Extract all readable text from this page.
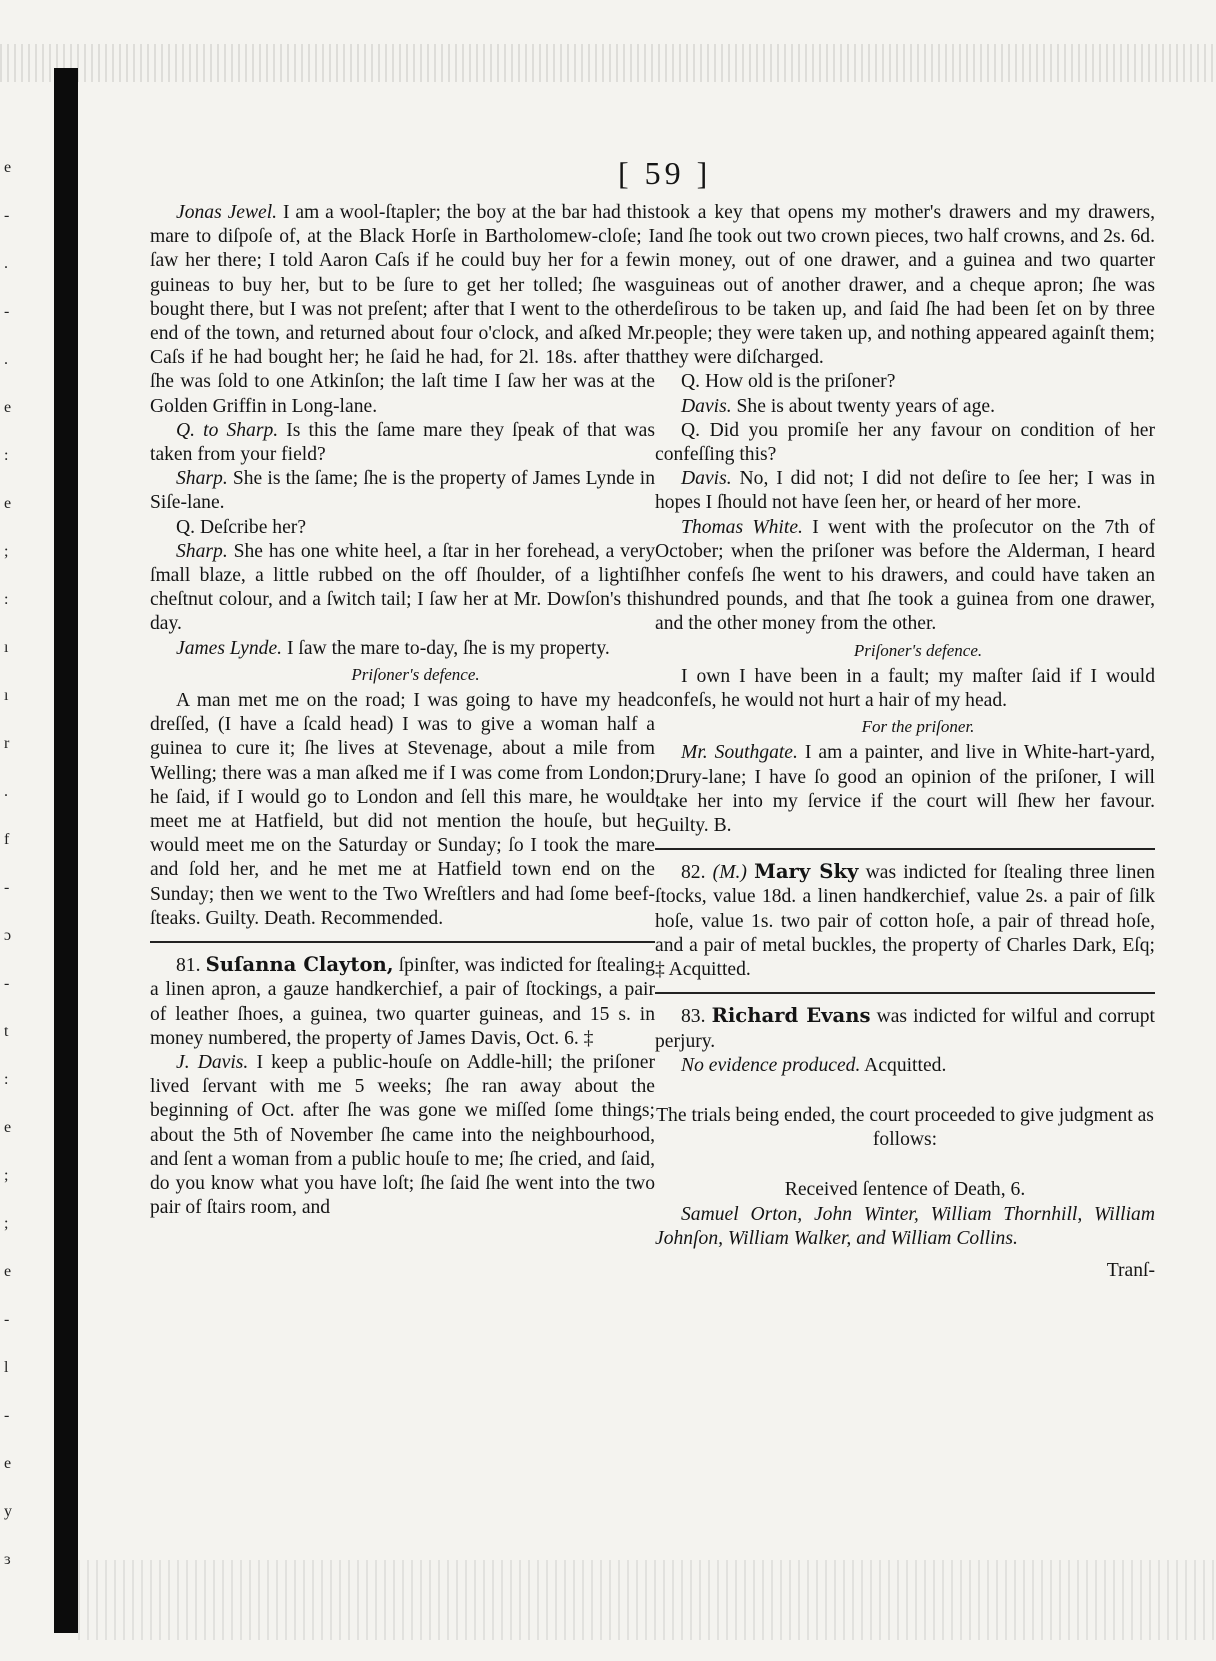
e
-
.
-
.
e
:
e
;
:
ı
ı
r
.
f
-
ɔ
-
t
:
e
;
;
e
-
l
-
e
y
ɜ
[ 59 ]

Jonas Jewel. I am a wool-ſtapler; the boy at the bar had this mare to diſpoſe of, at the Black Horſe in Bartholomew-cloſe; I ſaw her there; I told Aaron Caſs if he could buy her for a few guineas to buy her, but to be ſure to get her tolled; ſhe was bought there, but I was not preſent; after that I went to the other end of the town, and returned about four o'clock, and aſked Mr. Caſs if he had bought her; he ſaid he had, for 2l. 18s. after that ſhe was ſold to one Atkinſon; the laſt time I ſaw her was at the Golden Griffin in Long-lane.

Q. to Sharp. Is this the ſame mare they ſpeak of that was taken from your field?

Sharp. She is the ſame; ſhe is the property of James Lynde in Siſe-lane.

Q. Deſcribe her?

Sharp. She has one white heel, a ſtar in her forehead, a very ſmall blaze, a little rubbed on the off ſhoulder, of a lightiſh cheſtnut colour, and a ſwitch tail; I ſaw her at Mr. Dowſon's this day.

James Lynde. I ſaw the mare to-day, ſhe is my property.

Priſoner's defence.

A man met me on the road; I was going to have my head dreſſed, (I have a ſcald head) I was to give a woman half a guinea to cure it; ſhe lives at Stevenage, about a mile from Welling; there was a man aſked me if I was come from London; he ſaid, if I would go to London and ſell this mare, he would meet me at Hatfield, but did not mention the houſe, but he would meet me on the Saturday or Sunday; ſo I took the mare and ſold her, and he met me at Hatfield town end on the Sunday; then we went to the Two Wreſtlers and had ſome beef-ſteaks. Guilty. Death. Recommended.

81. Suſanna Clayton, ſpinſter, was indicted for ſtealing a linen apron, a gauze handkerchief, a pair of ſtockings, a pair of leather ſhoes, a guinea, two quarter guineas, and 15 s. in money numbered, the property of James Davis, Oct. 6. ‡

J. Davis. I keep a public-houſe on Addle-hill; the priſoner lived ſervant with me 5 weeks; ſhe ran away about the beginning of Oct. after ſhe was gone we miſſed ſome things; about the 5th of November ſhe came into the neighbourhood, and ſent a woman from a public houſe to me; ſhe cried, and ſaid, do you know what you have loſt; ſhe ſaid ſhe went into the two pair of ſtairs room, and

took a key that opens my mother's drawers and my drawers, and ſhe took out two crown pieces, two half crowns, and 2s. 6d. in money, out of one drawer, and a guinea and two quarter guineas out of another drawer, and a cheque apron; ſhe was deſirous to be taken up, and ſaid ſhe had been ſet on by three people; they were taken up, and nothing appeared againſt them; they were diſcharged.

Q. How old is the priſoner?

Davis. She is about twenty years of age.

Q. Did you promiſe her any favour on condition of her confeſſing this?

Davis. No, I did not; I did not deſire to ſee her; I was in hopes I ſhould not have ſeen her, or heard of her more.

Thomas White. I went with the proſecutor on the 7th of October; when the priſoner was before the Alderman, I heard her confeſs ſhe went to his drawers, and could have taken an hundred pounds, and that ſhe took a guinea from one drawer, and the other money from the other.

Priſoner's defence.

I own I have been in a fault; my maſter ſaid if I would confeſs, he would not hurt a hair of my head.

For the priſoner.

Mr. Southgate. I am a painter, and live in White-hart-yard, Drury-lane; I have ſo good an opinion of the priſoner, I will take her into my ſervice if the court will ſhew her favour. Guilty. B.

82. (M.) Mary Sky was indicted for ſtealing three linen ſtocks, value 18d. a linen handkerchief, value 2s. a pair of ſilk hoſe, value 1s. two pair of cotton hoſe, a pair of thread hoſe, and a pair of metal buckles, the property of Charles Dark, Eſq; ‡ Acquitted.

83. Richard Evans was indicted for wilful and corrupt perjury.

No evidence produced. Acquitted.

The trials being ended, the court proceeded to give judgment as follows:

Received ſentence of Death, 6.

Samuel Orton, John Winter, William Thornhill, William Johnſon, William Walker, and William Collins.

Tranſ-
